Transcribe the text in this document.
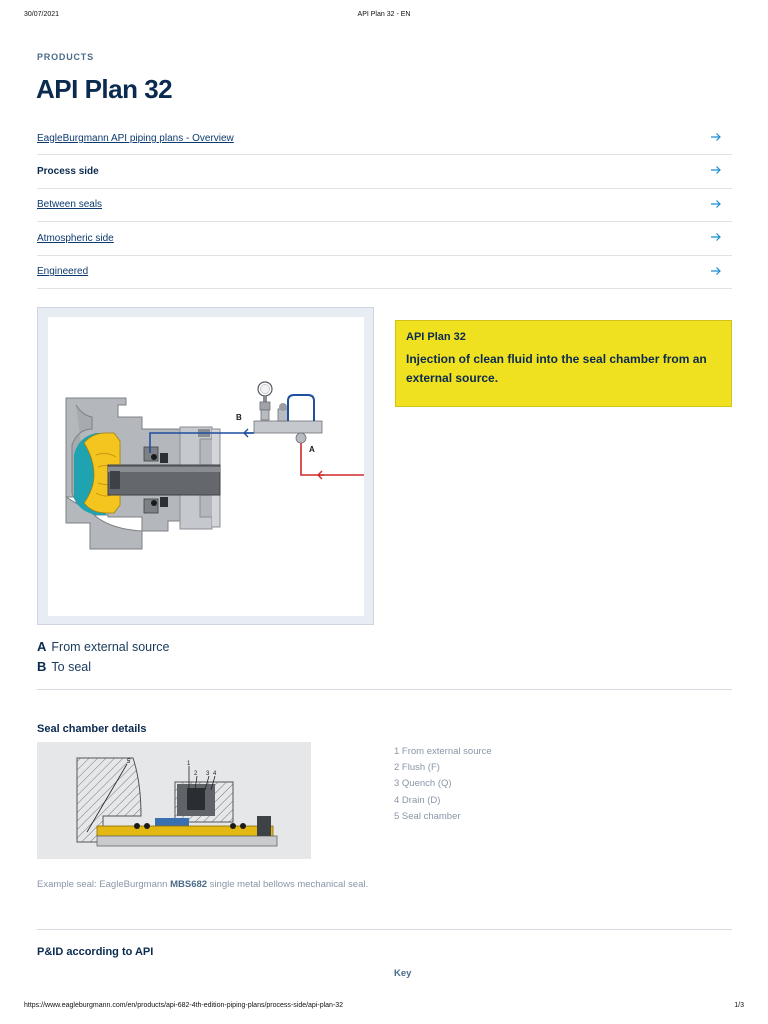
30/07/2021	API Plan 32 - EN
PRODUCTS
API Plan 32
EagleBurgmann API piping plans - Overview
Process side
Between seals
Atmospheric side
Engineered
B
A
API Plan 32
Injection of clean fluid into the seal chamber from an external source.
A From external source
B To seal
Seal chamber details
5	1
2 3 4
1 From external source
2 Flush (F)
3 Quench (Q)
4 Drain (D)
5 Seal chamber
Example seal: EagleBurgmann MBS682 single metal bellows mechanical seal.
P&ID according to API
Key
https://www.eagleburgmann.com/en/products/api-682-4th-edition-piping-plans/process-side/api-plan-32	1/3
